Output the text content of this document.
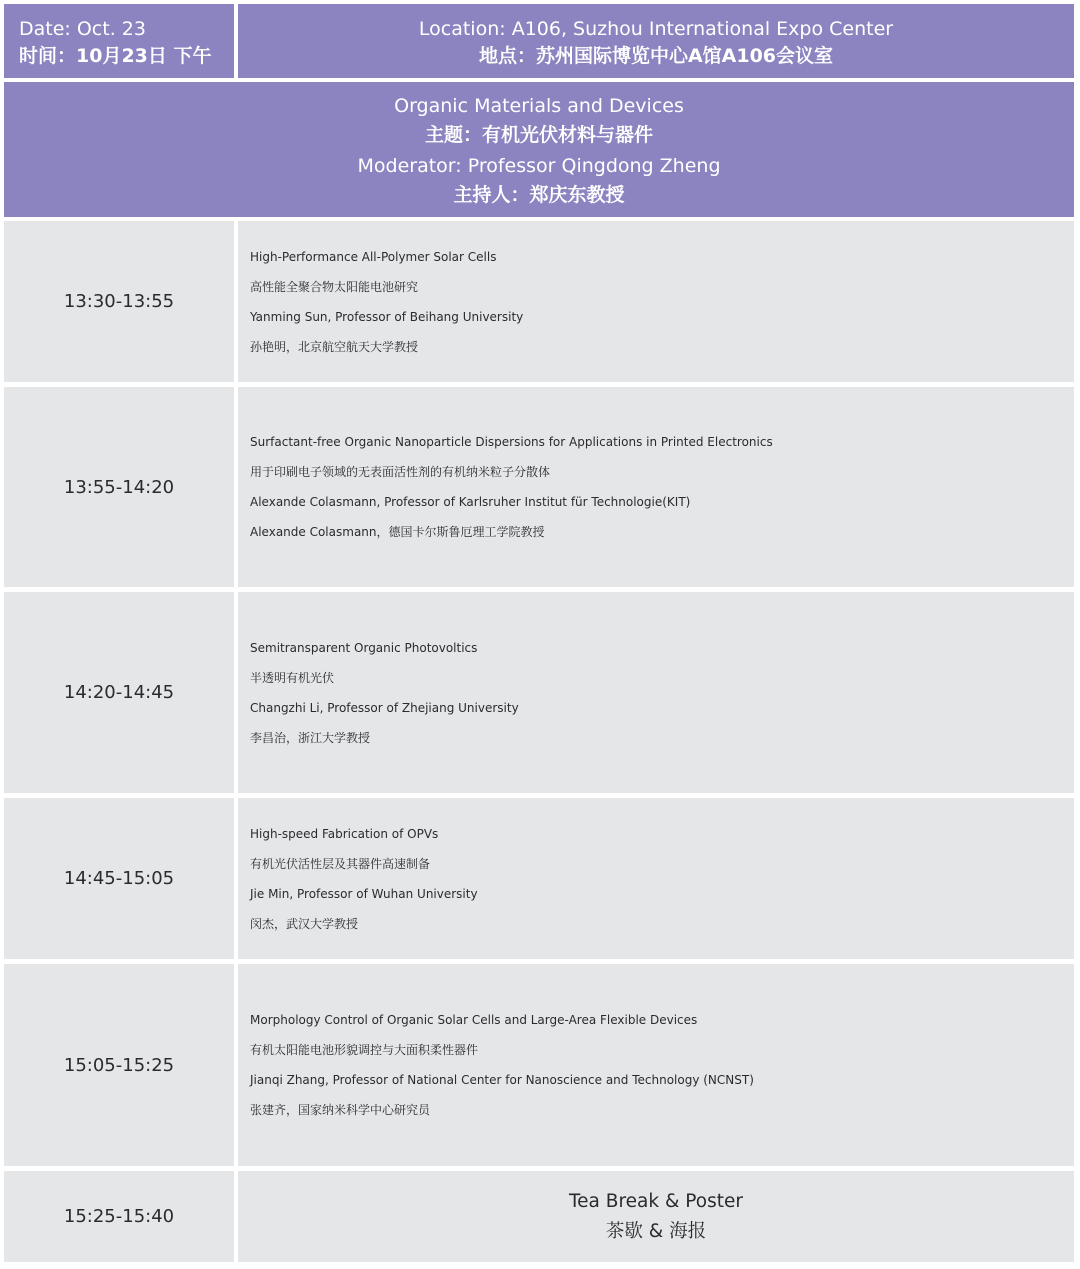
Date: Oct. 23
时间：10月23日 下午
Location: A106, Suzhou International Expo Center
地点：苏州国际博览中心A馆A106会议室
Organic Materials and Devices
主题：有机光伏材料与器件
Moderator: Professor Qingdong Zheng
主持人：郑庆东教授
13:30-13:55
High-Performance All-Polymer Solar Cells
高性能全聚合物太阳能电池研究
Yanming Sun, Professor of Beihang University
孙艳明，北京航空航天大学教授
13:55-14:20
Surfactant-free Organic Nanoparticle Dispersions for Applications in Printed Electronics
用于印刷电子领域的无表面活性剂的有机纳米粒子分散体
Alexande Colasmann, Professor of Karlsruher Institut für Technologie(KIT)
Alexande Colasmann，德国卡尔斯鲁厄理工学院教授
14:20-14:45
Semitransparent Organic Photovoltics
半透明有机光伏
Changzhi Li, Professor of Zhejiang University
李昌治，浙江大学教授
14:45-15:05
High-speed Fabrication of OPVs
有机光伏活性层及其器件高速制备
Jie Min, Professor of Wuhan University
闵杰，武汉大学教授
15:05-15:25
Morphology Control of Organic Solar Cells and Large-Area Flexible Devices
有机太阳能电池形貌调控与大面积柔性器件
Jianqi Zhang, Professor of National Center for Nanoscience and Technology (NCNST)
张建齐，国家纳米科学中心研究员
15:25-15:40
Tea Break & Poster
茶歇 & 海报
